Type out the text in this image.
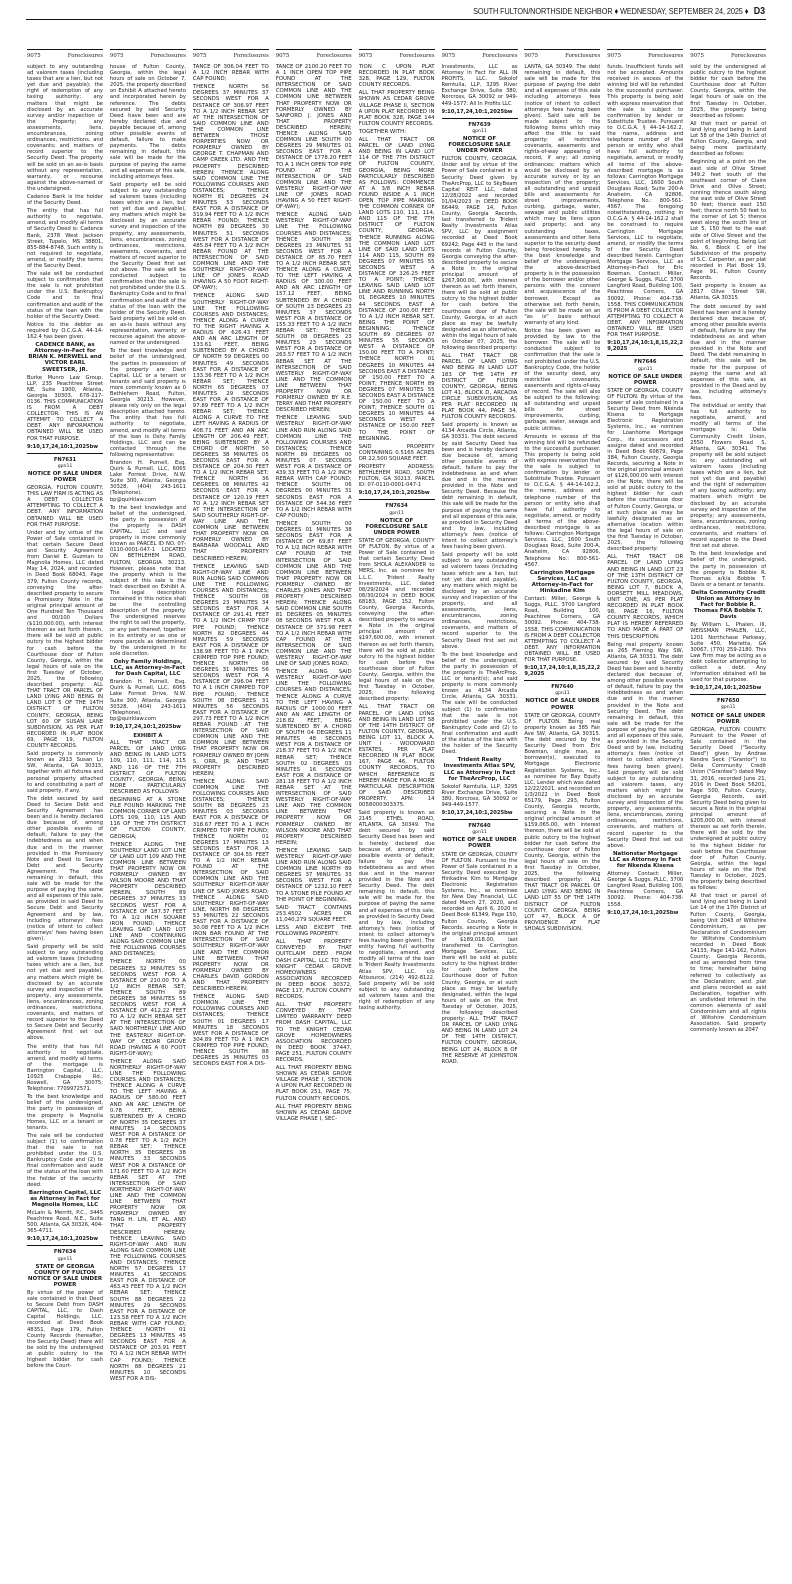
SOUTH FULTON/NORTHSIDE NEIGHBOR ♦ WEDNESDAY, SEPTEMBER 24, 2025 ♦ D3
9075	Foreclosures

subject to any outstanding ad valorem taxes (including taxes that are a lien, but not yet due and payable); the right of redemption of any taxing authority; any matters that might be disclosed by an accurate survey and/or inspection of the Property; any assessments, liens, encumbrances, zoning ordinances, restrictions, and covenants; and matters of record superior to the Security Deed. The property will be sold on an as-is basis without any representation, warranty, or recourse against the above-named or the undersigned.

Cadence Bank is the holder of the Security Deed.

The entity that has full authority to negotiate, amend, and modify all terms of Security Deed is: Cadence Bank, 2378 West Jackson Street, Tupelo, MS 38801, 855-884-8748. Such entity is not required to negotiate, amend, or modify the terms of the Security Deed.

The sale will be conducted subject to confirmation that the sale is not prohibited under the U.S. Bankruptcy Code and to final confirmation and audit of the status of the loan with the holder of the Security Deed.

Notice to the debtor as required by O.C.G.A. 44-14-162.4 has been given.

CADENCE BANK, as Attorney-in-Fact for BRIAN K. MERWELL and VICTOR EARL SWEETSER, JR.

Burke Munro Law Group, LLP, 235 Peachtree Street NE, Suite 1900, Atlanta, Georgia 30303, 678-217-0136. THIS COMMUNICATION IS FROM A DEBT COLLECTOR. THIS IS AN ATTEMPT TO COLLECT A DEBT. ANY INFORMATION OBTAINED WILL BE USED FOR THAT PURPOSE.

9:10,17,24,10:1,2025bw

FN7631

gpn11

NOTICE OF SALE UNDER POWER

GEORGIA, FULTON COUNTY. THIS LAW FIRM IS ACTING AS A DEBT COLLECTOR ATTEMPTING TO COLLECT A DEBT. ANY INFORMATION OBTAINED WILL BE USED FOR THAT PURPOSE.

Under and by virtue of the Power of Sale contained in that certain Secure Deed and Security Agreement from Daniel E. Guzman to Magnolia Homes, LLC dated May 14, 2024, and recorded in Deed Book 68043, Page 379, Fulton County records, conveying the after-described property to secure a Promissory Note in the original principal amount of One Hundred Ten Thousand and 00/100 Dollars ($110,000.00), with interest thereon as set forth therein, there will be sold at public outcry to the highest bidder for cash before the Courthouse door of Fulton County, Georgia, within the legal hours of sale on the first Tuesday of October, 2025, the following described property: ALL THAT TRACT OR PARCEL OF LAND LYING AND BEING IN LAND LOT 5 OF THE 14TH DISTRICT OF FULTON COUNTY, GEORGIA, BEING LOT 60 OF SUSAN LANE SUBDIVISION, AS PER PLAT RECORDED IN PLAT BOOK 69, PAGE 19, FULTON COUNTY RECORDS.

Said property is commonly known as 2913 Susan Ln SW, Atlanta, GA 30315, together with all fixtures and personal property attached to and constituting a part of said property, if any.

The debt secured by said Deed to Secure Debt and Security Agreement has been and is hereby declared due because of, among other possible events of default, failure to pay the indebtedness as and when due and in the manner provided in the Promissory Note and Deed to Secure Debt and Security Agreement. The debt remaining in default, this sale will be made for the purpose of paying the same and all expenses of this sale, as provided in said Deed to Secure Debt and Security Agreement and by law, including attorneys' fees (notice of intent to collect attorneys' fees having been given).

Said property will be sold subject to any outstanding ad valorem taxes (including taxes which are a lien, but not yet due and payable), any matters which might be disclosed by an accurate survey and inspection of the property, any assessments, liens, encumbrances, zoning ordinances, restrictions, covenants, and matters of record superior to the Deed to Secure Debt and Security Agreement first set out above.

The entity that has full authority to negotiate, amend, and modify all terms of the mortgage is Barrington Capital, LLC, 10925 Crabapple Rd., Roswell, GA 30075; Telephone: 7709972571.

To the best knowledge and belief of the undersigned, the party in possession of the property is Magnolia Homes, LLC or a tenant or tenants.

The sale will be conducted subject (1) to confirmation that the sale is not prohibited under the U.S. Bankruptcy Code and (2) to final confirmation and audit of the status of the loan with the holder of the security deed.

Barrington Capital, LLC as Attorney in Fact for Magnolia Homes, LLC

McLain & Merritt, P.C., 3445 Peachtree Road, N.E., Suite 500, Atlanta, GA 30326, 404-365-4711.

9:10,17,24,10:1,2025bw

FN7634

gpn11

STATE OF GEORGIA COUNTY OF FULTON NOTICE OF SALE UNDER POWER

By virtue of the power of sale contained in that Deed to Secure Debt from DASH CAPITAL, LLC, to Dash Capital Holdings, LLC, recorded at Deed Book 48351, Page 179, Fulton County Records (hereafter, the Security Deed) there will be sold by the undersigned at public outcry to the highest bidder for cash before the Court-

9075	Foreclosures

house of Fulton County, Georgia, within the legal hours of sale on October 7, 2025, the property described on Exhibit A attached hereto and incorporated herein by reference. The debts secured by said Security Deed have been and are hereby declared due and payable because of, among other possible events of default, failure to make payments. The debts remaining in default, this sale will be made for the purpose of paying the same and all expenses of this sale, including attorneys fees.

Said property will be sold subject to any outstanding ad valorem taxes (including taxes which are a lien, but not yet due and payable), any matters which might be disclosed by an accurate survey and inspection of the property, any assessments, liens, encumbrances, zoning ordinances, restrictions, easements, covenants, and matters of record superior to the Security Deed first set out above. The sale will be conducted subject to confirmation that the sale is not prohibited under the U.S. Bankruptcy Code and to final confirmation and audit of the status of the loan with the holder of the Security Deed. Said property will be sold on an as-is basis without any representation, warranty or recourse against the above-named or the undersigned.

To the best knowledge and belief of the undersigned, the parties in possession of the property are Dash Capital, LLC or a tenant or tenants and said property is more commonly known as 0 Bethlehem Road, Fulton, Georgia 30213. However, please rely only on the legal description attached hereto. The entity that has full authority to negotiate, amend, and modify all terms of the loan is Oshy Family Holdings, LLC and can be contacted through the following representative:

Brandon H. Purnell, Esq. Quirk & Purnell, LLC, 6065 Lake Forrest Drive, N.W. Suite 300, Atlanta, Georgia 30328, (404) 243-1611 (Telephone), bp@quirklaw.com

To the best knowledge and belief of the undersigned, the party in possession of the property is DASH CAPITAL, LLC and said property is more commonly known as PARCEL ID NO. 07-0110-0001-047-1 LOCATED ON BETHLEHEM ROAD, FULTON, GEORGIA 30213. However, please note that the property which is the subject of this sale is the tract described on Exhibit A. The legal description contained in this notice shall be the controlling description of the property. The undersigned reserves the right to sell the property, or any part thereof, together in its entirety or as one or more parcels as determined by the undersigned in its sole discretion.

Oshy Family Holdings, LLC, as Attorney-in-Fact for Dash Capital, LLC

Brandon H. Purnell, Esq. Quirk & Purnell, LLC, 6065 Lake Forrest Drive, N.W. Suite 300, Atlanta, Georgia 30328, (404) 243-1611 (Telephone), bp@quirklaw.com

9:10,17,24,10:1,2025bw

EXHIBIT A

ALL THAT TRACT OR PARCEL OF LAND LYING AND BEING IN LAND LOTS 109, 110, 111, 114, 115 AND 116 OF THE 7TH DISTRICT OF FULTON COUNTY, GEORGIA, BEING MORE PARTICULARLY DESCRIBED AS FOLLOWS:

BEGINNING AT A STONE PILE FOUND MARKING THE COMMON CORNER OF LAND LOTS 109, 110, 115 AND 116 OF THE 7TH DISTRICT OF FULTON COUNTY, GEORGIA;

THENCE ALONG THE SOUTHERLY LAND LOT LINE OF LAND LOT 109 AND THE COMMON LINE BETWEEN THAT PROPERTY NOW OR FORMERLY OWNED BY WILSON MOORE AND THAT PROPERTY DESCRIBED HEREIN, SOUTH 89 DEGREES 37 MINUTES 33 SECONDS WEST FOR A DISTANCE OF 187.37 FEET TO A 1/2 INCH SQUARE IRON FOUND; THENCE LEAVING SAID LAND LOT LINE AND CONTINUING ALONG SAID COMMON LINE THE FOLLOWING COURSES AND DISTANCES;

THENCE NORTH 00 DEGREES 32 MINUTES 55 SECONDS WEST FOR A DISTANCE OF 210.00 TO A 1/2 INCH REBAR SET; THENCE SOUTH 89 DEGREES 38 MINUTES 55 SECONDS WEST FOR A DISTANCE OF 412.22 FEET TO A 1/2 INCH REBAR SET AT THE INTERSECTION OF SAID NORTHERLY LINE AND THE EASTERLY RIGHT-OF-WAY OF CEDAR GROVE ROAD (HAVING A 60 FOOT RIGHT-OF-WAY);

THENCE ALONG SAID NORTHERLY RIGHT-OF-WAY LINE THE FOLLOWING COURSES AND DISTANCES; THENCE ALONG A CURVE TO THE LEFT HAVING A RADIUS OF 580.00 FEET AND AN ARC LENGTH OF 0.78 FEET, BEING SUBTENDED BY A CHORD OF NORTH 35 DEGREES 37 MINUTES 14 SECONDS WEST FOR A DISTANCE OF 0.78 FEET TO A 1/2 INCH REBAR SET; THENCE NORTH 35 DEGREES 38 MINUTES 33 SECONDS WEST FOR A DISTANCE OF 171.60 FEET TO A 1/2 INCH REBAR SET AT THE INTERSECTION OF SAID NORTHERLY RIGHT-OF-WAY LINE AND THE COMMON LINE BETWEEN THAT PROPERTY NOW OR FORMERLY OWNED BY TANG H. LIN, ET AL. AND THAT PROPERTY DESCRIBED HEREIN; THENCE LEAVING SAID RIGHT-OF-WAY AND RUN ALONG SAID COMMON LINE THE FOLLOWING COURSES AND DISTANCES; THENCE NORTH 57 DEGREES 17 MINUTES 41 SECONDS EAST FOR A DISTANCE OF 463.43 FEET TO A 1/2 INCH REBAR SET; THENCE SOUTH 88 DEGREES 22 MINUTES 29 SECONDS EAST FOR A DISTANCE OF 123.58 FEET TO A 1/2 INCH REBAR WITH CAP FOUND; THENCE NORTH 01 DEGREES 13 MINUTES 45 SECONDS EAST FOR A DISTANCE OF 203.91 FEET TO A 1/2 INCH REBAR WITH CAP FOUND; THENCE NORTH 88 DEGREES 21 MINUTES 10 SECONDS WEST FOR A DIS-

9075	Foreclosures

TANCE OF 306.04 FEET TO A 1/2 INCH REBAR WITH CAP FOUND;

THENCE NORTH 56 DEGREES 37 MINUTES 37 SECONDS WEST FOR A DISTANCE OF 306.97 FEET TO A 1/2 INCH REBAR SET AT THE INTERSECTION OF SAID COMMON LINE AND THE COMMON LINE BETWEEN THOSE PORPERTIES NOW OR FORMERLY OWNED BY GEORGE T. CHAPMAN AND CAMP CREEK LTD. AND THE PROEPRTY DESCRIBED HEREIN; THENCE ALONG SAID COMMON LINE THE FOLLOWING COURSES AND DISTANCES; THENCE NORTH 81 DEGREES 24 MINUTES 53 SECONDS EAST FOR A DISTANCE OF 319.94 FEET TO A 1/2 INCH REBAR FOUND; THENCE NORTH 89 DEGREES 30 MINUTES 51 SECONDS WEST FOR A DISTANCE OF 485.84 FEET TO A 1/2 INCH REBAR FOUND AT THE INTERSECTION OF SAID COMMON LINE AND THE SOUTHERLY RIGHT-OF-WAY LINE OF JONES ROAD (HAVING A 50 FOOT RIGHT-OF-WAY);

THENCE ALONG SAID SOUTHERLY RIGHT-OF-WAY LINE THE FOLLOWING COURSES AND DISTANCES; THENCE ALONG A CURVE TO THE RIGHT HAVING A RADIUS OF 626.43 FEET AND AN ARC LENGTH OF 133.61 FEET, BEING SUBTENDED BY A CHORD OF NORTH 59 DEGREES 00 MINUTES 49 SECONDS EAST FOR A DISTANCE OF 133.36 FEET TO A 1/2 INCH REBAR SET; THENCE NORTH 65 DEGREES 07 MINUTES 29 SECONDS EAST FOR A DISTANCE OF 97.89 FEET TO A 1/2 INCH REBAR SET; THENCE ALONG A CURVE TO THE LEFT HAVING A RADIUS OF 408.71 FEET AND AN ARC LENGTH OF 206.49 FEET, BEING SUBTENDED BY A CHORD OF NORTH 50 DEGREES 38 MINUTES 05 SECONDS EAST FOR A DISTANCE OF 204.30 FEET TO A 1/2 INCH REBAR SET; THENCE NORTH 36 DEGREES 08 MINUTES 42 SECONDS EAST FOR A DISTANCE OF 120.19 FEET TO A 1/2 INCH REBAR SET AT THE INTERSECTION OF SAID SOUTHERLY RIGHT-OF-WAY LINE AND THE COMMON LINE BETWEEN THAT PROPERTY NOW OR FORMERLY OWNED BY BARBARA WOODALL AND THAT PROPERTY DESCRIBED HEREIN;

THENCE LEAVING SAID RIGHT-OF-WAY LINE AND RUN ALONG SAID COMMON LINE THE FOLLOWING COURSES AND DISTANCES; THENCE SOUTH 08 DEGREES 23 MINUTES 34 SECONDS EAST FOR A DISTANCE OF 291.41 FEET TO A 1/2 INCH CRIMP TOP PIPE FOUND; THENCE NORTH 82 DEGREES 44 MINUTES 59 SECONDS EAST FOR A DISTANCE OF 138.98 FEET TO A 1 INCH CRIMPED TOP PIPE FOUND; THENCE NORTH 08 DEGREES 31 MINUTES 56 SECONDS WEST FOR A DISTANCE OF 296.04 FEET TO A 1 INCH CRIMPED TOP PIPE FOUND; THENCE SOUTH 08 DEGREES 31 MINUTES 56 SECONDS EAST FOR A DISTANCE OF 297.73 FEET TO A 1/2 INCH REBAR FOUND AT THE INTERSECTION OF SAID COMMON LINE AND THE COMMON LINE BETWEEN THAT PROPERTY NOW OR FORMERLY OWNED BY JOHN S. ORR, JR. AND THAT PROPERTY DESCRIBED HEREIN;

THENCE ALONG SAID COMMON LINE THE FOLLOWING COURSES AND DISTANCES; THENCE SOUTH 88 DEGREES 23 MINUTES 03 SECONDS EAST FOR A DISTANCE OF 318.67 FEET TO A 1 INCH CRIMPED TOP PIPE FOUND; THENCE NORTH 01 DEGREES 17 MINUTES 13 SECONDS EAST FOR A DISTANCE OF 304.55 FEET TO A 1/2 INCH REBAR FOUND AT THE INTERSECTION OF SAID COMMON LINE AND THE SOUTHERLY RIGHT-OF-WAY LINE OF SAID JONES ROAD; THENCE ALONG SAID SOUTHERLY RIGHT-OF-WAY LINE, NORTH 88 DEGREES 53 MINUTES 22 SECONDS EAST FOR A DISTANCE OF 30.08 FEET TO A 1/2 INCH IRON BAR FOUND AT THE INTERSECTION OF SAID SOUTHERLY RIGHT-OF-WAY LINE AND THE COMMON LINE BETWEEN THAT PROPERTY NOW OR FORMERLY OWNED BY CHARLES DAVID GORDON AND THAT PROPERTY DESCRIBED HEREIN;

THENCE ALONG SAID COMMON LINE THE FOLLOWING COURSES AND DISTANCES; THENCE SOUTH 01 DEGREES 17 MINUTES 18 SECONDS WEST FOR A DISTANCE OF 304.89 FEET TO A 1 INCH CRIMPED TOP PIPE FOUND; THENCE SOUTH 88 DEGREES 25 MINUTES 03 SECONDS EAST FOR A DIS-

9075	Foreclosures

TANCE OF 2100.20 FEET TO A 1 INCH OPEN TOP PIPE FOUND AT THE INTERSECTION OF SAID COMMON LINE AND THE COMMON LINE BETWEEN THAT PROPERTY NOW OR FORMERLY OWNED BY SANFORD J. JONES AND THAT PROPERTY DESCRIBED HEREIN; THENCE ALONG SAID COMMON LINE SOUTH 00 DEGREES 29 MINUTES 01 SECONDS EAST FOR A DISTANCE OF 1778.20 FEET TO A 1 INCH OPEN TOP PIPE FOUND AT THE INTERSECTION OF SAID COMMON LINE AND THE WESTERLY RIGHT-OF-WAY LINE OF JONES ROAD (HAVING A 50 FEET RIGHT-OF-WAY);

THENCE ALONG SAID WESTERLY RIGHT-OF-WAY LINE THE FOLLOWING COURSES AND DISTANCES; THENCE SOUTH 38 DEGREES 23 MINUTES 51 SECONDS WEST FOR A DISTANCE OF 85.70 FEET TO A 1/2 INCH REBAR SET; THENCE ALONG A CURVE TO THE LEFT HAVING A RADIUS OF 300.00 FEET AND AN ARC LENGTH OF 157.12 FEET, BEING SUBTENDED BY A CHORD OF SOUTH 23 DEGREES 23 MINUTES 37 SECONDS WEST FOR A DISTANCE OF 155.33 FEET TO A 1/2 INCH REBAR SET; THENCE SOUTH 08 DEGREES 23 MINUTES 23 SECONDS WEST FOR A DISTANCE OF 263.57 FEET TO A 1/2 INCH REBAR SET AT THE INTERSECTION OF SAID WESTERLY RIGHT-OF-WAY LINE AND THE COMMON LINE BETWEEN THAT PROPERTY NOW OR FORMERLY OWNED BY R.E. TERRY AND THAT PROPERTY DESCRIBED HEREIN;

THENCE LEAVING SAID WESTERLY RIGHT-OF-WAY LINE AND RUN ALONG SAID COMMON LINE THE FOLLOWING COURSES AND DISTANCES; THENCE NORTH 89 DEGREES 00 MINUTES 07 SECONDS WEST FOR A DISTANCE OF 439.33 FEET TO A 1/2 INCH REBAR WITH CAP FOUND; THENCE SOUTH 06 DEGREES 00 MINUTES 31 SECONDS EAST FOR A DISTANCE OF 544.36 FEET TO A 1/2 INCH REBAR WITH CAP FOUND;

THENCE SOUTH 00 DEGREES 01 MINUTES 38 SECONDS EAST FOR A DISTANCE OF 69.87 FEET TO A 1/2 INCH REBAR WITH CAP FOUND AT THE INTERSECTION OF SAID COMMON LINE AND THE COMMON LINE BETWEEN THAT PROPERTY NOW OR FORMERLY OWNED BY CHARLES JONES AND THAT PROPERTY DESCRIBED HEREIN; THENCE ALONG SAID COMMON LINE SOUTH 81 DEGREES 05 MINUTES 08 SECONDS WEST FOR A DISTANCE OF 371.98 FEET TO A 1/2 INCH REBAR WITH CAP FOUND AT THE INTERSECTION OF SAID COMMON LINE AND THE WESTERLY RIGHT-OF-WAY LINE OF SAID JONES ROAD;

THENCE ALONG SAID WESTERLY RIGHT-OF-WAY LINE THE FOLLOWING COURSES AND DISTANCES; THENCE ALONG A CURVE TO THE LEFT HAVING A RADIUS OF 1000.00 FEET AND AN ARC LENGTH OF 218.82 FEET, BEING SUBTENDED BY A CHORD OF SOUTH 04 DEGREES 11 MINUTES 48 SECONDS WEST FOR A DISTANCE OF 218.37 FEET TO A 1/2 INCH REBAR SET; THENCE SOUTH 02 DEGREES 03 MINUTES 16 SECONDS EAST FOR A DISTANCE OF 281.18 FEET TO A 1/2 INCH REBAR SET AT THE INTERSECTION OF SAID WESTERLY RIGHT-OF-WAY LINE AND THE COMMON LINE BETWEEN THAT PROPERTY NOW OR FORMERLY OWNED BY WILSON MOORE AND THAT PROPERTY DESCRIBED HEREIN;

THENCE LEAVING SAID WESTERLY RIGHT-OF-WAY LINE AND RUN ALONG SAID COMMON LINE NORTH 89 DEGREES 37 MINUTES 33 SECONDS WEST FOR A DISTANCE OF 1232.10 FEET TO A STONE PILE FOUND AT THE POINT OF BEGINNING.

SAID TRACT CONTAINS 253.4502 ACRES OR 11,040,279 SQUARE FEET.

LESS AND EXCEPT THE FOLLOWING PROPERTY:

ALL THAT PROPERTY CONVEYED BY THAT QUITCLAIM DEED FROM DASH CAPITAL, LLC TO THE KNIGHT CEDAR GROVE HOMEOWNERS ASSOCIATION RECORDED IN DEED BOOK 30372, PAGE 117, FULTON COUNTY RECORDS.

ALL THAT PROPERTY CONVEYED BY THAT LIMITED WARRANTY DEED FROM DASH CAPITAL, LLC TO THE KNIGHT CEDAR GROVE HOMEOWNERS ASSOCIATION RECORDED IN DEED BOOK 37447, PAGE 251, FULTON COUNTY RECORDS.

ALL THAT PROPERTY BEING SHOWN AS CEDAR GROVE VILLAGE PHASE I, SECTION A UPON PLAT RECORDED IN PLAT BOOK 251, PAGE 75, FULTON COUNTY RECORDS.

ALL THAT PROPERTY BEING SHOWN AS CEDAR GROVE VILLAGE PHASE I, SEC-

9075	Foreclosures

TION C UPON PLAT RECORDED IN PLAT BOOK 328, PAGE 129, FULTON COUNTY RECORDS.

ALL THAT PROPERTY BEING SHOWN AS CEDAR GROVE VILLAGE PHASE II, SECTION A UPON PLAT RECORDED IN PLAT BOOK 328, PAGE 144 FULTON COUNTY RECORDS.

TOGETHER WITH:

ALL THAT TRACT OR PARCEL OF LAND LYING AND BEING IN LAND LOT 114 OF THE 7TH DISTRICT OF FULTON COUNTY, GEORGIA, BEING MORE PARTICULARLY DESCRIBED AS FOLLOWS: COMMENCE AT A 3/8 INCH REBAR FOUND INSIDE A 1 INCH OPEN TOP PIPE MARKING THE COMMON CORNER OF LAND LOTS 110, 111, 114, AND 115 OF THE 7TH DISTRICT OF FULTON COUNTY, GEORGIA; THENCE RUNNING ALONG THE COMMON LAND LOT LINE OF SAID LAND LOTS 114 AND 115, SOUTH 89 DEGREES 07 MINUTES 55 SECONDS WEST A DISTANCE OF 326.25 FEET TO A POINT; THENCE LEAVING SAID LAND LOT LINE AND RUNNING NORTH 01 DEGREES 10 MINUTES 44 SECONDS EAST A DISTANCE OF 200.00 FEET TO A 1/2 INCH REBAR SET, BEING THE POINT OF BEGINNING; THENCE SOUTH 89 DEGREES 07 MINUTES 55 SECONDS WEST A DISTANCE OF 150.00 FEET TO A POINT; THENCE NORTH 01 DEGREES 10 MINUTES 44 SECONDS EAST A DISTANCE OF 150.00 FEET TO A POINT; THENCE NORTH 89 DEGREES 07 MINUTES 55 SECONDS EAST A DISTANCE OF 150.00 FEET TO A POINT; THENCE SOUTH 01 DEGREES 10 MINUTES 44 SECONDS WEST A DISTANCE OF 150.00 FEET TO THE POINT OF BEGINNING.

SAID PROPERTY CONTAINING 0.5165 ACRES OR 22,500 SQUARE FEET.

PROPERTY ADDRESS: BETHLEHEM ROAD, SOUTH FULTON, GA 30213. PARCEL ID: 07-0110-0001-047-1

9:10,17,24,10:1,2025bw

FN7634

gpn11

NOTICE OF FORECLOSURE SALE UNDER POWER

STATE OF GEORGIA, COUNTY OF FULTON. By virtue of a Power of Sale contained in that certain Security Deed from SHOLA ALEXANDER to MERS, Inc. as nominee for L.L.C. Trident Realty Investments, LLC, dated 08/29/2024 and recorded 08/30/2024 in DEED BOOK 68183, PAGE 152, Fulton County, Georgia Records, conveying the after-described property to secure a Note in the original principal amount of $197,600.00, with interest thereon as set forth therein, there will be sold at public outcry to the highest bidder for cash before the courthouse door of Fulton County, Georgia, within the legal hours of sale on the first Tuesday in October, 2025, the following described property:

ALL THAT TRACT OR PARCEL OF LAND LYING AND BEING IN LAND LOT 58 OF THE 14TH DISTRICT OF FULTON COUNTY, GEORGIA, BEING LOT 11, BLOCK A, UNIT I - WOODWARD ESTATES, PER PLAT RECORDED IN PLAT BOOK 167, PAGE 46, FULTON COUNTY RECORDS, TO WHICH REFERENCE IS HEREBY MADE FOR A MORE PARTICULAR DESCRIPTION OF SAID DESCRIBED PROPERTY. APN: 14 0058000303375.

Said property is known as 2145 ETHEL ROAD, ATLANTA, GA 30349. The debt secured by said Security Deed has been and is hereby declared due because of, among other possible events of default, failure to pay the indebtedness as and when due and in the manner provided in the Note and Security Deed. The debt remaining in default, this sale will be made for the purpose of paying the same and all expenses of this sale, as provided in Security Deed and by law, including attorney's fees (notice of intent to collect attorney's fees having been given). The entity having full authority to negotiate, amend, and modify all terms of the loan is Trident Realty Investments Atlas SPV, LLC, c/o Altisource, (214) 492-8122. Said property will be sold subject to any outstanding ad valorem taxes and the right of redemption of any taxing authority.

9075	Foreclosures

Investments, LLC as Attorney in Fact for ALL IN PROFITS, LLC. Sokolof Remtulla, LLP, 3295 River Exchange Drive, Suite 380, Norcross, GA 30092 or 949-449-1577. All In Profits LLC

9:10,17,24,10:1,2025bw

FN7639

gpn11

NOTICE OF FORECLOSURE SALE UNDER POWER

FULTON COUNTY, GEORGIA. Under and by virtue of the Power of Sale contained in a Security Deed given by TheArcProp, LLC to SkyBeam Capital REIT LLC, dated 12/28/2022 and recorded 01/04/2023 in DEED BOOK 66449, PAGE 14, Fulton County, Georgia Records, last transferred to Trident Realty Investments Atlas SPV, LLC by assignment recorded at Deed Book 69242, Page 443 in the land records at Fulton County, Georgia conveying the after-described property to secure a Note in the original principal amount of $267,900.00, with interest thereon as set forth therein, there will be sold at public outcry to the highest bidder for cash before the courthouse door of Fulton County, Georgia, or at such place as may be lawfully designated as an alternative, within the legal hours of sale on October 07, 2025, the following described property:

ALL THAT TRACT OR PARCEL OF LAND LYING AND BEING IN LAND LOT 183 OF THE 14TH FF DISTRICT OF FULTON COUNTY, GEORGIA, BEING LOT 41, BLOCK D, ARCADIA CIRCLE SUBDIVISION, AS PER PLAT RECORDED IN PLAT BOOK 44, PAGE 34, FULTON COUNTY RECORDS.

Said property is known as 4134 Arcadia Circle, Atlanta, GA 30331. The debt secured by said Security Deed has been and is hereby declared due because of, among other possible events of default, failure to pay the indebtedness as and when due and in the manner provided in the Note and Security Deed. Because the debt remaining in default, this sale will be made for the purpose of paying the same and all expenses of this sale, as provided in Security Deed and by law, including attorney's fees (notice of intent to collect attorney's fees having been given).

Said property will be sold subject to any outstanding ad valorem taxes (including taxes which are a lien, but not yet due and payable), any matters which might be disclosed by an accurate survey and inspection of the property, and all assessments, liens, encumbrances, zoning ordinances, restrictions, covenants, and matters of record superior to the Security Deed first set out above.

To the best knowledge and belief of the undersigned, the party in possession of the property is TheArcProp, LLC or tenant(s); and said property is more commonly known as 4134 Arcadia Circle, Atlanta, GA 30331. The sale will be conducted subject (1) to confirmation that the sale is not prohibited under the U.S. Bankruptcy Code and (2) to final confirmation and audit of the status of the loan with the holder of the Security Deed.

Trident Realty Investments Atlas SPV, LLC as Attorney in Fact for TheArcProp, LLC

Sokolof Remtulla, LLP, 3295 River Exchange Drive, Suite 380, Norcross, GA 30092 or 949-449-1577.

9:10,17,24,10:1,2025bw

FN7640

gpn11

NOTICE OF SALE UNDER POWER

STATE OF GEORGIA, COUNTY OF FULTON. Pursuant to the Power of Sale contained in a Security Deed executed by Hinkadine Kim to Mortgage Electronic Registration Systems, Inc., as nominee for New Day Financial, LLC dated March 27, 2020, and recorded on April 6, 2020 in Deed Book 61349, Page 150, Fulton County, Georgia Records, securing a Note in the original principal amount of $189,018.00, last transferred to Carrington Mortgage Services, LLC, there will be sold at public outcry to the highest bidder for cash before the Courthouse door of Fulton County, Georgia, or at such place as may be lawfully designated, within the legal hours of sale on the first Tuesday of October, 2025, the following described property: ALL THAT TRACT OR PARCEL OF LAND LYING AND BEING IN LAND LOT 24 OF THE 14TH DISTRICT, FULTON COUNTY, GEORGIA, BEING LOT 24, BLOCK B OF THE RESERVE AT JOHNSTON ROAD.

9075	Foreclosures

LANTA, GA 30349. The debt remaining in default, this sale will be made for the purpose of paying the debt and all expenses of this sale including attorneys fees (notice of intent to collect attorneys fees having been given). Said sale will be made subject to the following items which may affect the title to said property: all restrictive covenants, easements and rights-of-way appearing of record, if any; all zoning ordinances; matters which would be disclosed by an accurate survey or by an inspection of the property; all outstanding and unpaid bills and assessments for street improvements, curbing, garbage, water, sewage and public utilities which may be liens upon said property; and any outstanding taxes, assessments and other liens superior to the security deed being foreclosed hereby. To the best knowledge and belief of the undersigned, the above-described property is in the possession of the borrower and/or other persons with the consent and acquiescence of the borrower. Except as otherwise set forth herein, the sale will be made on an "as is" basis without warranty of any kind.

Notice has been given as provided by law to the borrower. The sale will be conducted subject to confirmation that the sale is not prohibited under the U.S. Bankruptcy Code, the holder of the security deed, any restrictive covenants, easements and rights-of-way of record. The sale will also be subject to the following: all outstanding and unpaid bills for street improvements, curbing, garbage, water, sewage and public utilities.

Amounts in excess of the winning bid will be refunded to the successful purchaser. This property is being sold with express reservation that the sale is subject to confirmation by lender or Substitute Trustee. Pursuant to O.C.G.A. § 44-14-162.2, the name, address and telephone number of the person or entity who shall have full authority to negotiate, amend, or modify all terms of the above-described mortgage is as follows: Carrington Mortgage Services, LLC, 1600 South Douglass Road, Suite 200-A, Anaheim, CA 92806, Telephone No.: 800-561-4567.

Carrington Mortgage Services, LLC as Attorney-in-Fact for Hinkadine Kim

Contact: Miller, George & Suggs, PLLC, 3700 Langford Road, Building 100, Peachtree Corners, GA 30092. Phone: 404-738-1558. THIS COMMUNICATION IS FROM A DEBT COLLECTOR ATTEMPTING TO COLLECT A DEBT. ANY INFORMATION OBTAINED WILL BE USED FOR THAT PURPOSE.

9:10,17,24,10:1,8,15,22,29,2025

FN7640

gpn11

NOTICE OF SALE UNDER POWER

STATE OF GEORGIA, COUNTY OF FULTON. Being real property known as 385 Fair Ave SW, Atlanta, GA 30315. The debt secured by the Security Deed from Eric Bowman, single man, as borrower(s), executed to Mortgage Electronic Registration Systems, Inc., as nominee for Bay Equity LLC, Lender which was dated 12/22/2021, and recorded on 1/3/2022 in Deed Book 65179, Page 293, Fulton County, Georgia records, securing a Note in the original principal amount of $159,065.00, with interest thereon, there will be sold at public outcry to the highest bidder for cash before the courthouse door of Fulton County, Georgia, within the legal hours of sale on the first Tuesday in October, 2025, the following described property: ALL THAT TRACT OR PARCEL OF LAND LYING AND BEING IN LAND LOT 55 OF THE 14TH DISTRICT OF FULTON COUNTY, GEORGIA, BEING LOT 47, BLOCK A OF PROVIDENCE AT FLAT SHOALS SUBDIVISION.

9075	Foreclosures

funds. Insufficient funds will not be accepted. Amounts received in excess of the winning bid will be refunded to the successful purchaser. This property is being sold with express reservation that the sale is subject to confirmation by lender or Substitute Trustee. Pursuant to O.C.G.A. § 44-14-162.2, the name, address and telephone number of the person or entity who shall have full authority to negotiate, amend, or modify all terms of the above-described mortgage is as follows: Carrington Mortgage Services, LLC, 1600 South Douglass Road, Suite 200-A Anaheim, CA 92806, Telephone No.: 800-561-4567. The foregoing notwithstanding, nothing in O.C.G.A. § 44-14-162.2 shall be construed to require Carrington Mortgage Services, LLC to negotiate, amend, or modify the terms of the Security Deed described herein. Carrington Mortgage Services, LLC as Attorney-in-Fact for Eric Bowman. Contact: Miller, George & Suggs, PLLC 3700 Langford Road, Building 100, Peachtree Corners, GA 30092. Phone: 404-738-1558. THIS COMMUNICATION IS FROM A DEBT COLLECTOR ATTEMPTING TO COLLECT A DEBT. ANY INFORMATION OBTAINED WILL BE USED FOR THAT PURPOSE.

9:10,17,24,10:1,8,15,22,29,2025

FN7646

gpn11

NOTICE OF SALE UNDER POWER

STATE OF GEORGIA, COUNTY OF FULTON. By virtue of the power of sale contained in a Security Deed from Nkenda Kisena to Mortgage Electronic Registration Systems, Inc., as nominee for Loanhome Mortgage Corp., its successors and assigns dated and recorded in Deed Book 60879, Page 384, Fulton County, Georgia Records, securing a Note in the original principal amount of $126,000.00 with interest on the Note, there will be sold at public outcry to the highest bidder for cash before the courthouse door of Fulton County, Georgia, or at such place as may be lawfully designated as an alternative location within the legal hours of sale on the first Tuesday in October, 2025, the following described property:

ALL THAT TRACT OR PARCEL OF LAND LYING AND BEING IN LAND LOT 23 OF THE 13TH DISTRICT OF FULTON COUNTY, GEORGIA, BEING LOT 7, BLOCK A, DORSETT MILL MEADOWS, UNIT ONE, AS PER PLAT RECORDED IN PLAT BOOK 98, PAGE 16, FULTON COUNTY RECORDS, WHICH PLAT IS HEREBY REFERRED TO AND MADE A PART OF THIS DESCRIPTION.

Being real property known as 265 Fleming Way SW, Atlanta, GA 30331. The debt secured by said Security Deed has been and is hereby declared due because of, among other possible events of default, failure to pay the indebtedness as and when due and in the manner provided in the Note and Security Deed. The debt remaining in default, this sale will be made for the purpose of paying the same and all expenses of this sale, as provided in the Security Deed and by law, including attorney's fees (notice of intent to collect attorney's fees having been given). Said property will be sold subject to any outstanding ad valorem taxes, any matters which might be disclosed by an accurate survey and inspection of the property, any assessments, liens, encumbrances, zoning ordinances, restrictions, covenants, and matters of record superior to the Security Deed first set out above.

Nationstar Mortgage LLC as Attorney in Fact for Nkenda Kisena

Attorney Contact: Miller, George & Suggs, PLLC, 3700 Langford Road, Building 100, Peachtree Corners, GA 30092. Phone: 404-738-1558.

9:10,17,24,10:1,2025bw

9075	Foreclosures

sold by the undersigned at public outcry to the highest bidder for cash before the Courthouse door at Fulton County, Georgia, within the legal hours of sale on the first Tuesday in October, 2025, the property being described as follows:

All that tract or parcel of land lying and being in Land Lot 58 of the 14th District of Fulton County, Georgia, and being more particularly described as follows:

Beginning at a point on the east side of Olive Street 349.2 feet south of the southeast corner of Claire Drive and Olive Street; running thence south along the east side of Olive Street 50 feet; thence east 150 feet; thence north 50 feet to the corner of Lot 5; thence west along the south line of Lot 5, 150 feet to the east side of Olive Street and the point of beginning, being Lot No. 6, Block C of the Subdivision of the property of S.C. Carpenter, as per plat recorded in Plat Book 19, Page 91, Fulton County Records.

Said property is known as 2817 Olive Street SW, Atlanta, GA 30315.

The debt secured by said Deed has been and is hereby declared due because of, among other possible events of default, failure to pay the indebtedness as and when due and in the manner provided in the Note and Deed. The debt remaining in default, this sale will be made for the purpose of paying the same and all expenses of this sale, as provided in the Deed and by law, including attorney's fees.

The individual or entity that has full authority to negotiate, amend, and modify all terms of the mortgage is: Della Community Credit Union, 2550 Flowers Road S, Atlanta, GA 30341. The property will be sold subject to: any outstanding ad valorem taxes (including taxes which are a lien, but not yet due and payable) and the right of redemption of any taxing authority; any matters which might be disclosed by an accurate survey and inspection of the property; any assessments, liens, encumbrances, zoning ordinances, restrictions, covenants, and matters of record superior to the Deed first set out above.

To the best knowledge and belief of the undersigned, the party in possession of the property is Bobbie R. Thomas a/k/a Bobbie T. Davis or a tenant or tenants.

Delta Community Credit Union as Attorney in Fact for Bobbie R. Thomas FKA Bobbie T. Davis

By William L. Phalen, III, WEISSMAN PHALEN, LLC, 1201 Northchase Parkway, Suite 450, Marietta, GA 30067, (770) 259-2180. This Law Firm may be acting as a debt collector attempting to collect a debt. Any information obtained will be used for that purpose.

9:10,17,24,10:1,2025bw

FN7650

gpn11

NOTICE OF SALE UNDER POWER

GEORGIA, FULTON COUNTY. Pursuant to the Power of Sale contained in the Security Deed ("Security Deed") given by Andrae Kendre Seck ("Grantor") to Della Community Credit Union ("Grantee") dated May 31, 2016, recorded June 21, 2016 in Deed Book 56201, Page 500, Fulton County, Georgia Records, said Security Deed being given to secure a Note in the original principal amount of $205,000.00, with interest thereon as set forth therein, there will be sold by the undersigned at public outcry to the highest bidder for cash before the Courthouse door of Fulton County, Georgia, within the legal hours of sale on the first Tuesday in October, 2025, the property being described as follows:

All that tract or parcel of land lying and being in Land Lot 14 of the 17th District of Fulton County, Georgia, being Unit 2043 of Wiltshire Condominium, as per Declaration of Condominium for Wiltshire Condominium recorded in Deed Book 14133, Page 141-162, Fulton County, Georgia Records, and as amended from time to time; hereinafter being referred to collectively as the Declaration; and plat and plans recorded as said Declaration, together with an undivided interest in the common elements of said Condominium and all rights of Wiltshire Condominium Association. Said property commonly known as 2047
